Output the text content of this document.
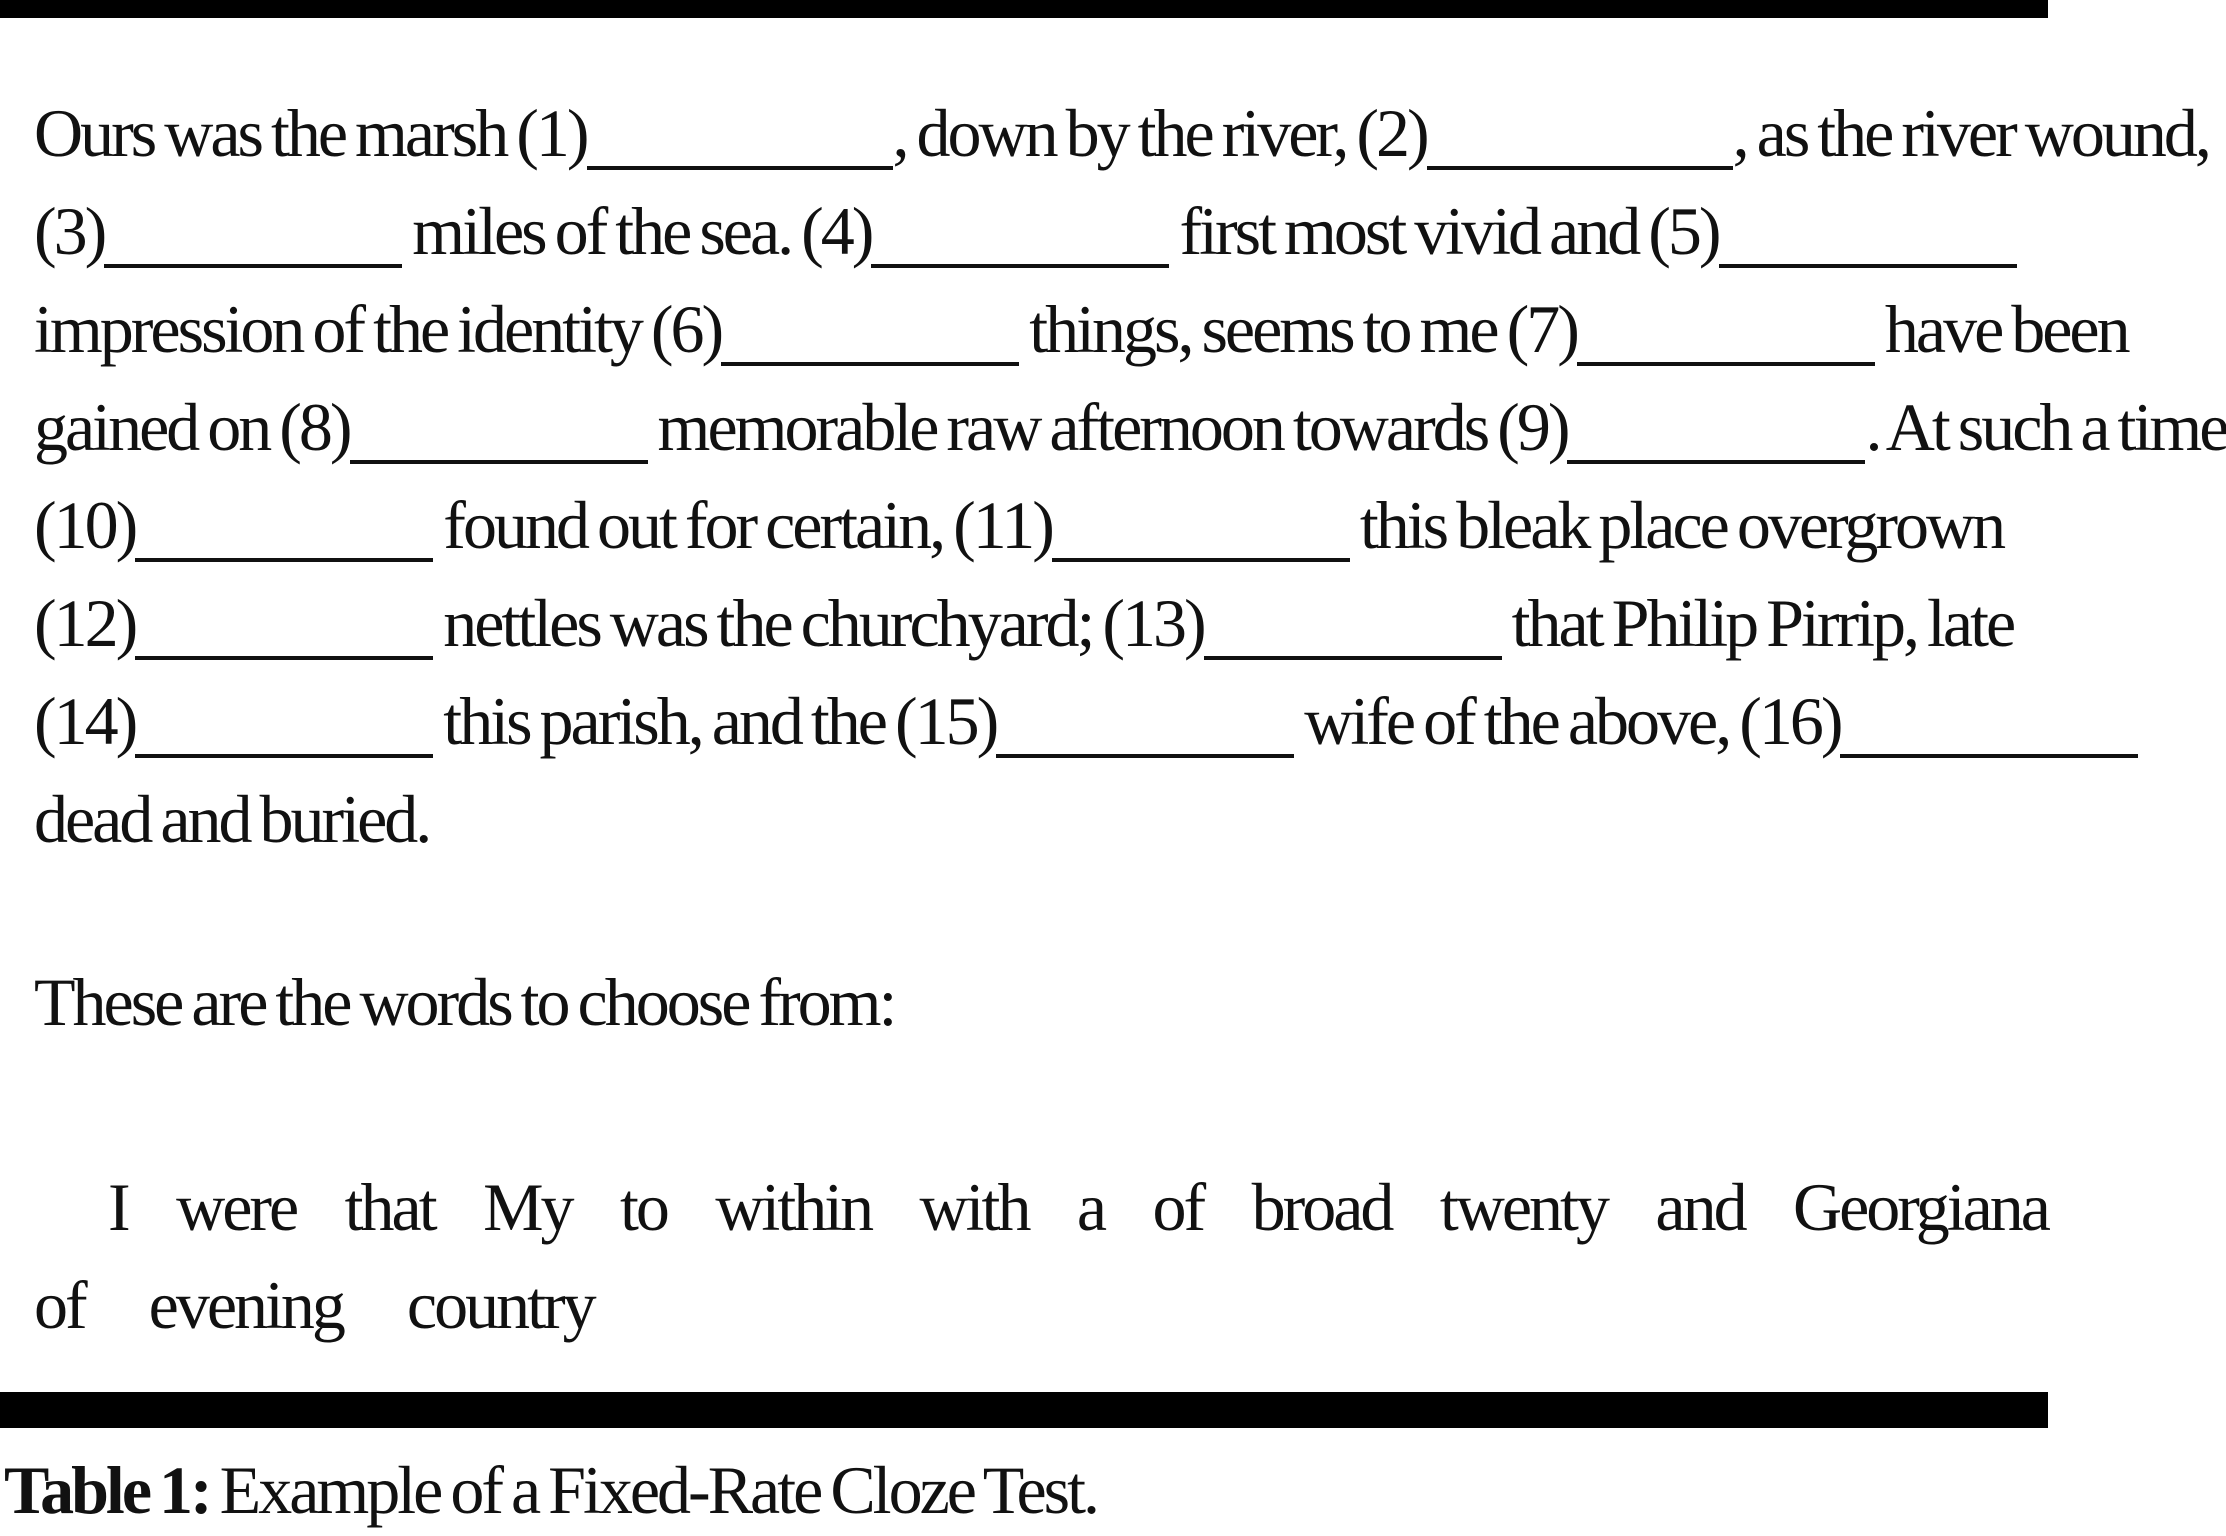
Ours was the marsh (1)	, down by the river, (2)	, as the river wound,
(3)	miles of the sea. (4)	first most vivid and (5)
impression of the identity (6)	things, seems to me (7)	have been
gained on (8)	memorable raw afternoon towards (9)	. At such a time
(10)	found out for certain, (11)	this bleak place overgrown
(12)	nettles was the churchyard; (13)	that Philip Pirrip, late
(14)	this parish, and the (15)	wife of the above, (16)
dead and buried.
These are the words to choose from:
I were that My to within with a of broad twenty and Georgiana
of evening country
Table 1: Example of a Fixed-Rate Cloze Test.
